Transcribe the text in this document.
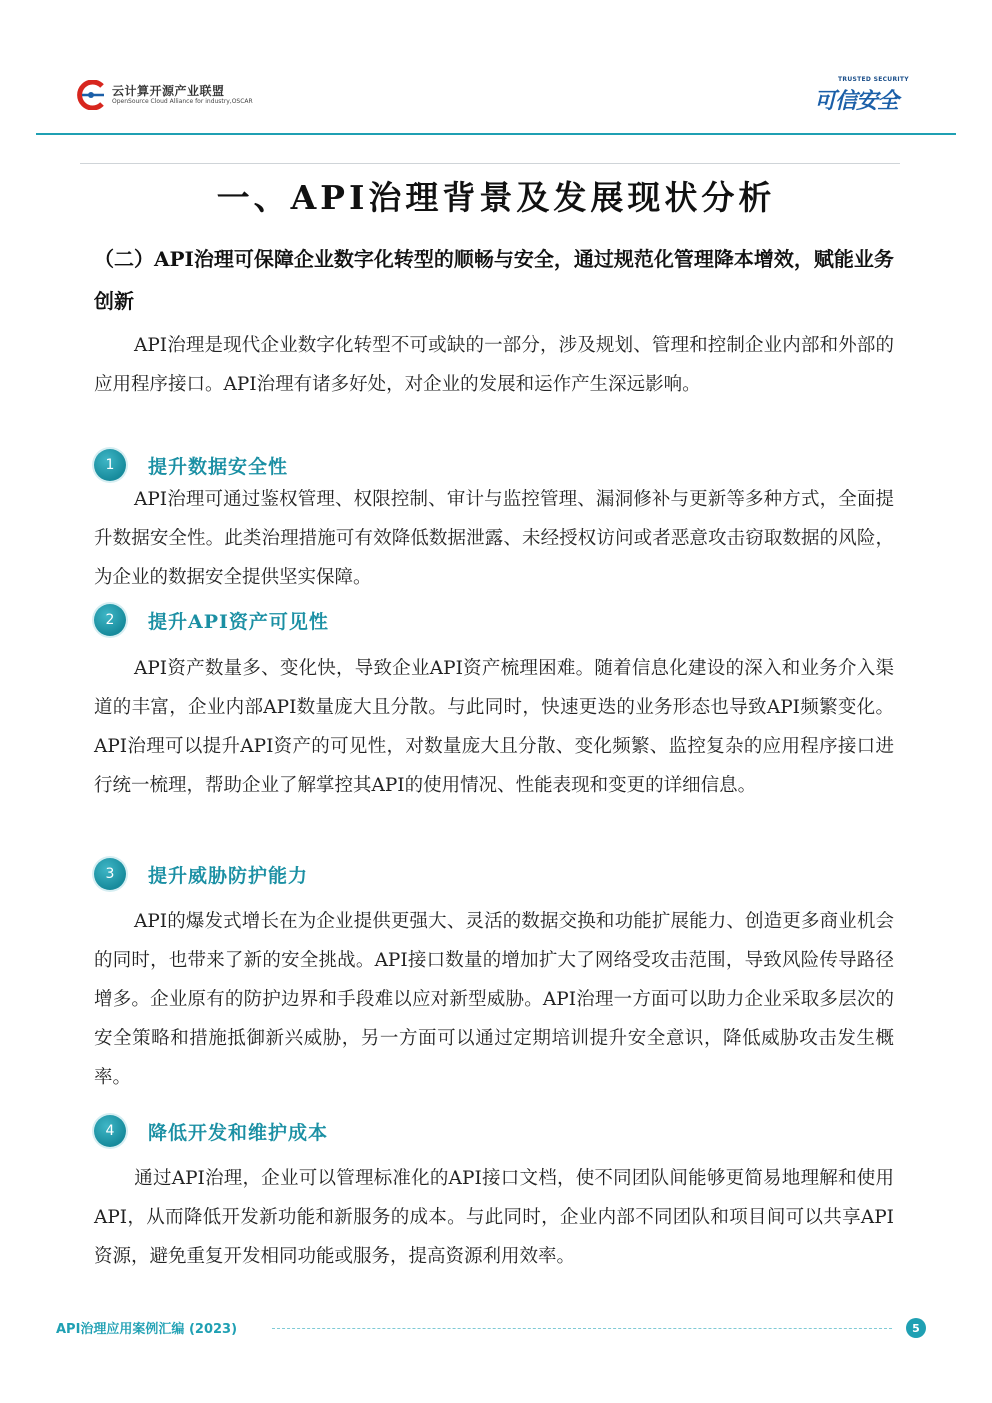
云计算开源产业联盟
OpenSource Cloud Alliance for industry,OSCAR
TRUSTED SECURITY
可信安全
一、API治理背景及发展现状分析
（二）API治理可保障企业数字化转型的顺畅与安全，通过规范化管理降本增效，赋能业务创新
API治理是现代企业数字化转型不可或缺的一部分，涉及规划、管理和控制企业内部和外部的应用程序接口。API治理有诸多好处，对企业的发展和运作产生深远影响。
1	提升数据安全性
API治理可通过鉴权管理、权限控制、审计与监控管理、漏洞修补与更新等多种方式，全面提升数据安全性。此类治理措施可有效降低数据泄露、未经授权访问或者恶意攻击窃取数据的风险，为企业的数据安全提供坚实保障。
2	提升API资产可见性
API资产数量多、变化快，导致企业API资产梳理困难。随着信息化建设的深入和业务介入渠道的丰富，企业内部API数量庞大且分散。与此同时，快速更迭的业务形态也导致API频繁变化。API治理可以提升API资产的可见性，对数量庞大且分散、变化频繁、监控复杂的应用程序接口进行统一梳理，帮助企业了解掌控其API的使用情况、性能表现和变更的详细信息。
3	提升威胁防护能力
API的爆发式增长在为企业提供更强大、灵活的数据交换和功能扩展能力、创造更多商业机会的同时，也带来了新的安全挑战。API接口数量的增加扩大了网络受攻击范围，导致风险传导路径增多。企业原有的防护边界和手段难以应对新型威胁。API治理一方面可以助力企业采取多层次的安全策略和措施抵御新兴威胁，另一方面可以通过定期培训提升安全意识，降低威胁攻击发生概率。
4	降低开发和维护成本
通过API治理，企业可以管理标准化的API接口文档，使不同团队间能够更简易地理解和使用API，从而降低开发新功能和新服务的成本。与此同时，企业内部不同团队和项目间可以共享API资源，避免重复开发相同功能或服务，提高资源利用效率。
API治理应用案例汇编 (2023)	5
